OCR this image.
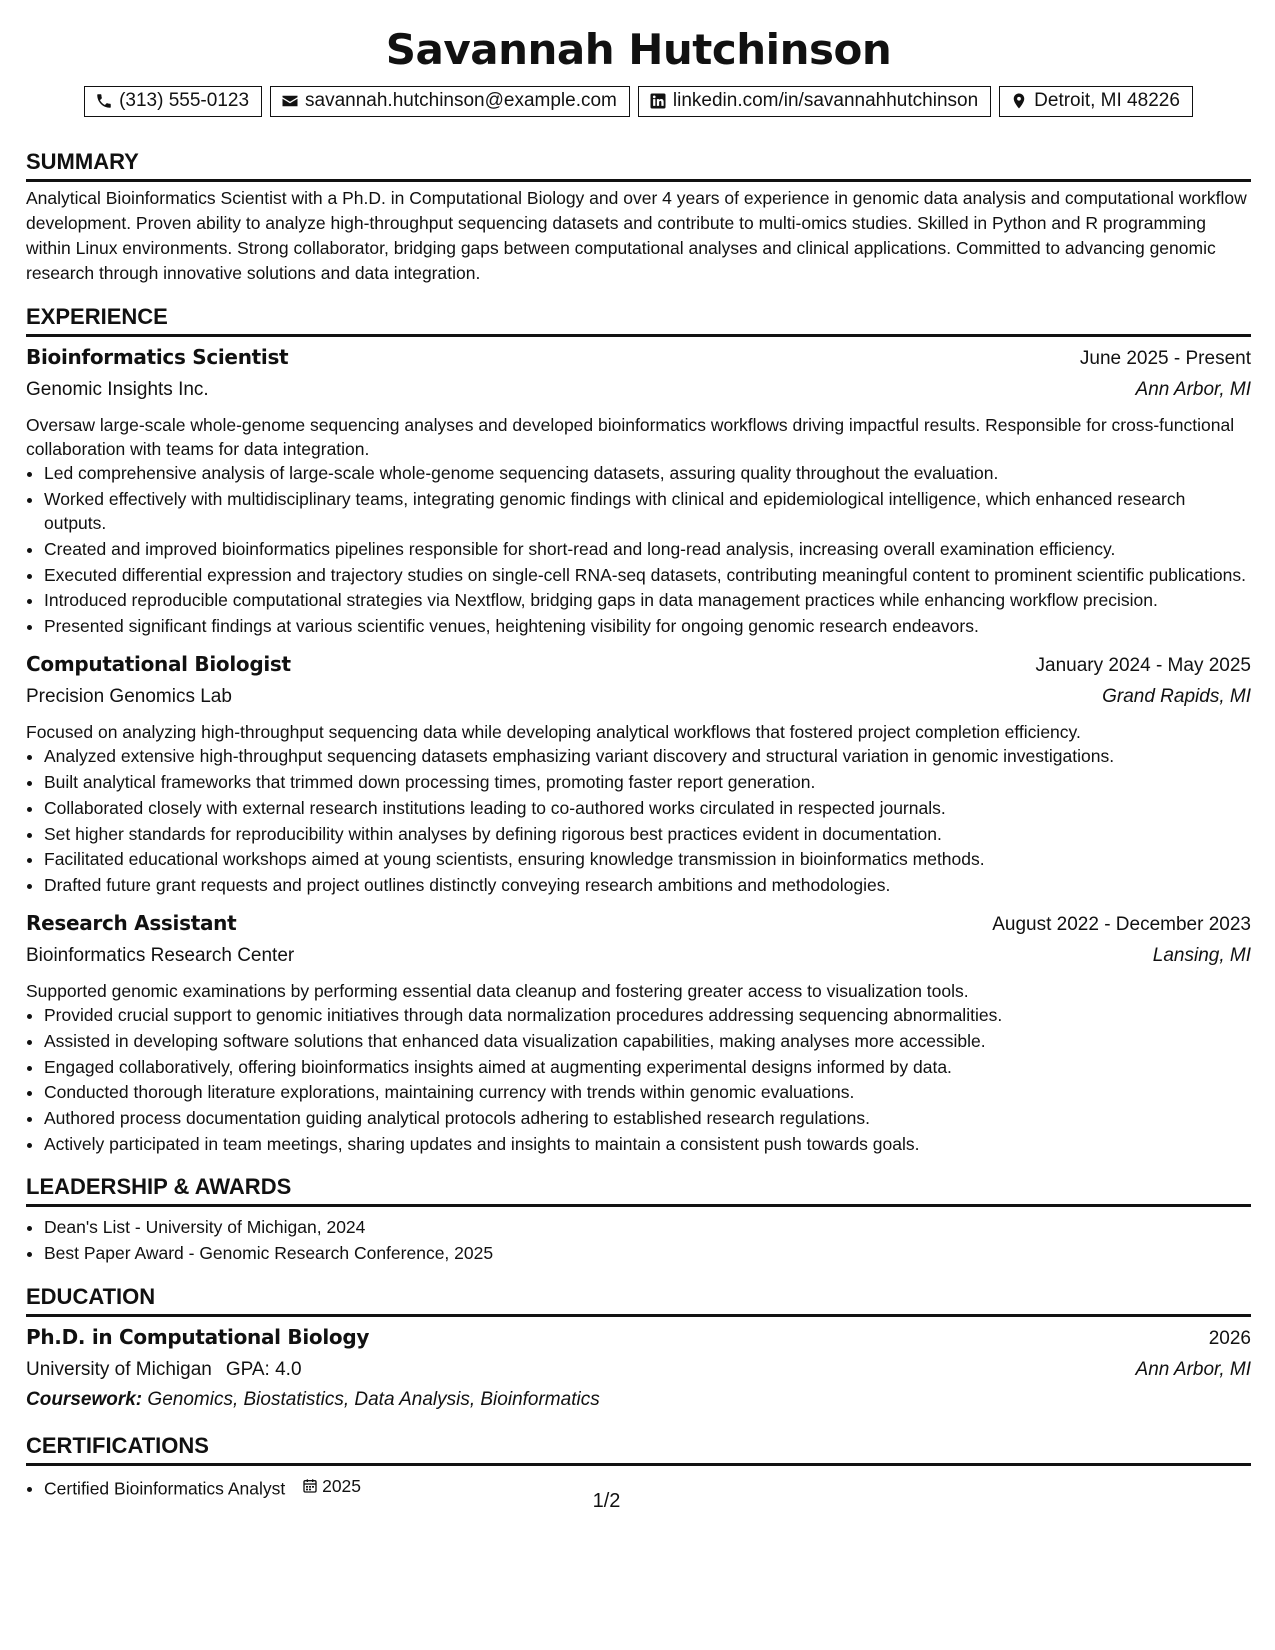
Savannah Hutchinson
(313) 555-0123	savannah.hutchinson@example.com	linkedin.com/in/savannahhutchinson	Detroit, MI 48226
SUMMARY

Analytical Bioinformatics Scientist with a Ph.D. in Computational Biology and over 4 years of experience in genomic data analysis and computational workflow development. Proven ability to analyze high-throughput sequencing datasets and contribute to multi-omics studies. Skilled in Python and R programming within Linux environments. Strong collaborator, bridging gaps between computational analyses and clinical applications. Committed to advancing genomic research through innovative solutions and data integration.

EXPERIENCE
Bioinformatics Scientist	June 2025 - Present
Genomic Insights Inc.	Ann Arbor, MI

Oversaw large-scale whole-genome sequencing analyses and developed bioinformatics workflows driving impactful results. Responsible for cross-functional collaboration with teams for data integration.

• Led comprehensive analysis of large-scale whole-genome sequencing datasets, assuring quality throughout the evaluation.
• Worked effectively with multidisciplinary teams, integrating genomic findings with clinical and epidemiological intelligence, which enhanced research outputs.
• Created and improved bioinformatics pipelines responsible for short-read and long-read analysis, increasing overall examination efficiency.
• Executed differential expression and trajectory studies on single-cell RNA-seq datasets, contributing meaningful content to prominent scientific publications.
• Introduced reproducible computational strategies via Nextflow, bridging gaps in data management practices while enhancing workflow precision.
• Presented significant findings at various scientific venues, heightening visibility for ongoing genomic research endeavors.
Computational Biologist	January 2024 - May 2025
Precision Genomics Lab	Grand Rapids, MI

Focused on analyzing high-throughput sequencing data while developing analytical workflows that fostered project completion efficiency.

• Analyzed extensive high-throughput sequencing datasets emphasizing variant discovery and structural variation in genomic investigations.
• Built analytical frameworks that trimmed down processing times, promoting faster report generation.
• Collaborated closely with external research institutions leading to co-authored works circulated in respected journals.
• Set higher standards for reproducibility within analyses by defining rigorous best practices evident in documentation.
• Facilitated educational workshops aimed at young scientists, ensuring knowledge transmission in bioinformatics methods.
• Drafted future grant requests and project outlines distinctly conveying research ambitions and methodologies.
Research Assistant	August 2022 - December 2023
Bioinformatics Research Center	Lansing, MI

Supported genomic examinations by performing essential data cleanup and fostering greater access to visualization tools.

• Provided crucial support to genomic initiatives through data normalization procedures addressing sequencing abnormalities.
• Assisted in developing software solutions that enhanced data visualization capabilities, making analyses more accessible.
• Engaged collaboratively, offering bioinformatics insights aimed at augmenting experimental designs informed by data.
• Conducted thorough literature explorations, maintaining currency with trends within genomic evaluations.
• Authored process documentation guiding analytical protocols adhering to established research regulations.
• Actively participated in team meetings, sharing updates and insights to maintain a consistent push towards goals.
LEADERSHIP & AWARDS
• Dean's List - University of Michigan, 2024
• Best Paper Award - Genomic Research Conference, 2025
EDUCATION
Ph.D. in Computational Biology	2026
University of Michigan GPA: 4.0	Ann Arbor, MI
Coursework: Genomics, Biostatistics, Data Analysis, Bioinformatics
CERTIFICATIONS
• Certified Bioinformatics Analyst 2025
1/2
